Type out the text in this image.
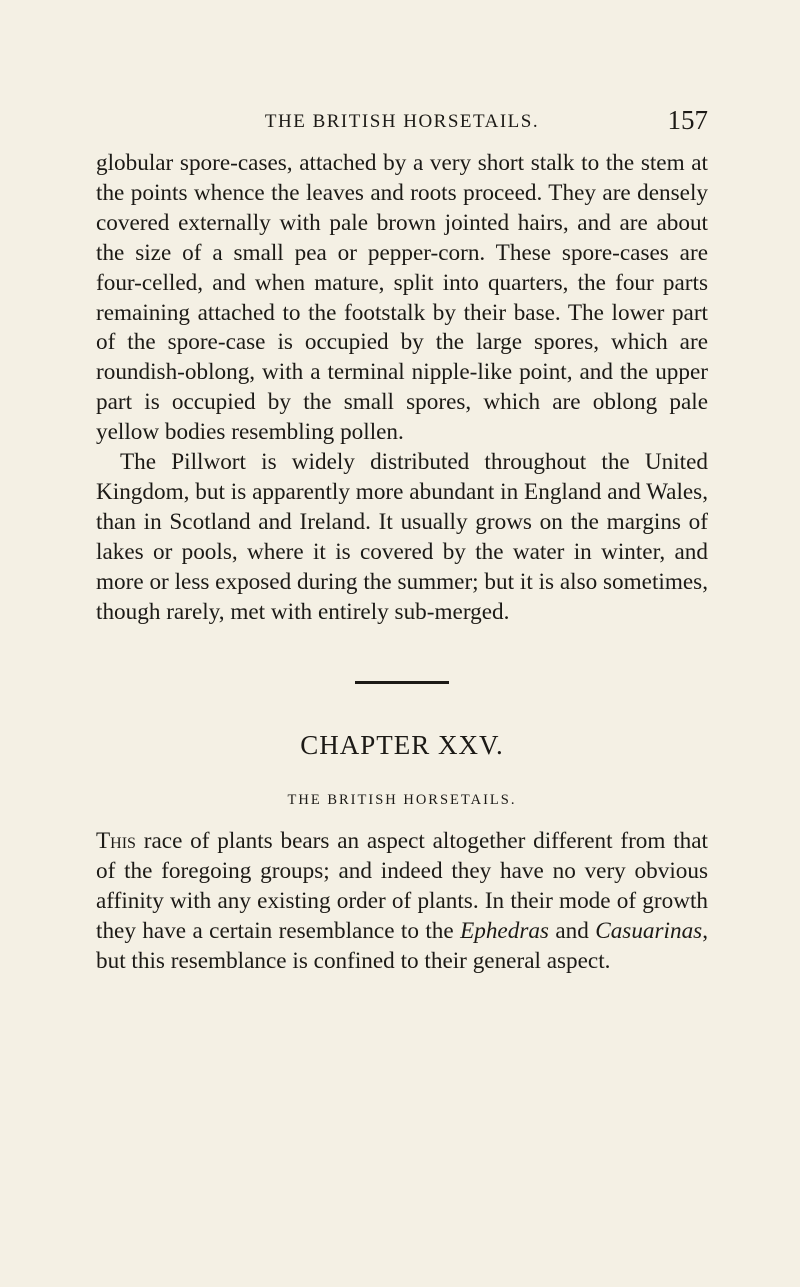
THE BRITISH HORSETAILS.	157

globular spore-cases, attached by a very short stalk to the stem at the points whence the leaves and roots proceed. They are densely covered externally with pale brown jointed hairs, and are about the size of a small pea or pepper-corn. These spore-cases are four-celled, and when mature, split into quarters, the four parts remaining attached to the footstalk by their base. The lower part of the spore-case is occupied by the large spores, which are roundish-oblong, with a terminal nipple-like point, and the upper part is occupied by the small spores, which are oblong pale yellow bodies resembling pollen.

The Pillwort is widely distributed throughout the United Kingdom, but is apparently more abundant in England and Wales, than in Scotland and Ireland. It usually grows on the margins of lakes or pools, where it is covered by the water in winter, and more or less exposed during the summer; but it is also sometimes, though rarely, met with entirely sub-merged.

CHAPTER XXV.
THE BRITISH HORSETAILS.

This race of plants bears an aspect altogether different from that of the foregoing groups; and indeed they have no very obvious affinity with any existing order of plants. In their mode of growth they have a certain resemblance to the Ephedras and Casuarinas, but this resemblance is confined to their general aspect.
